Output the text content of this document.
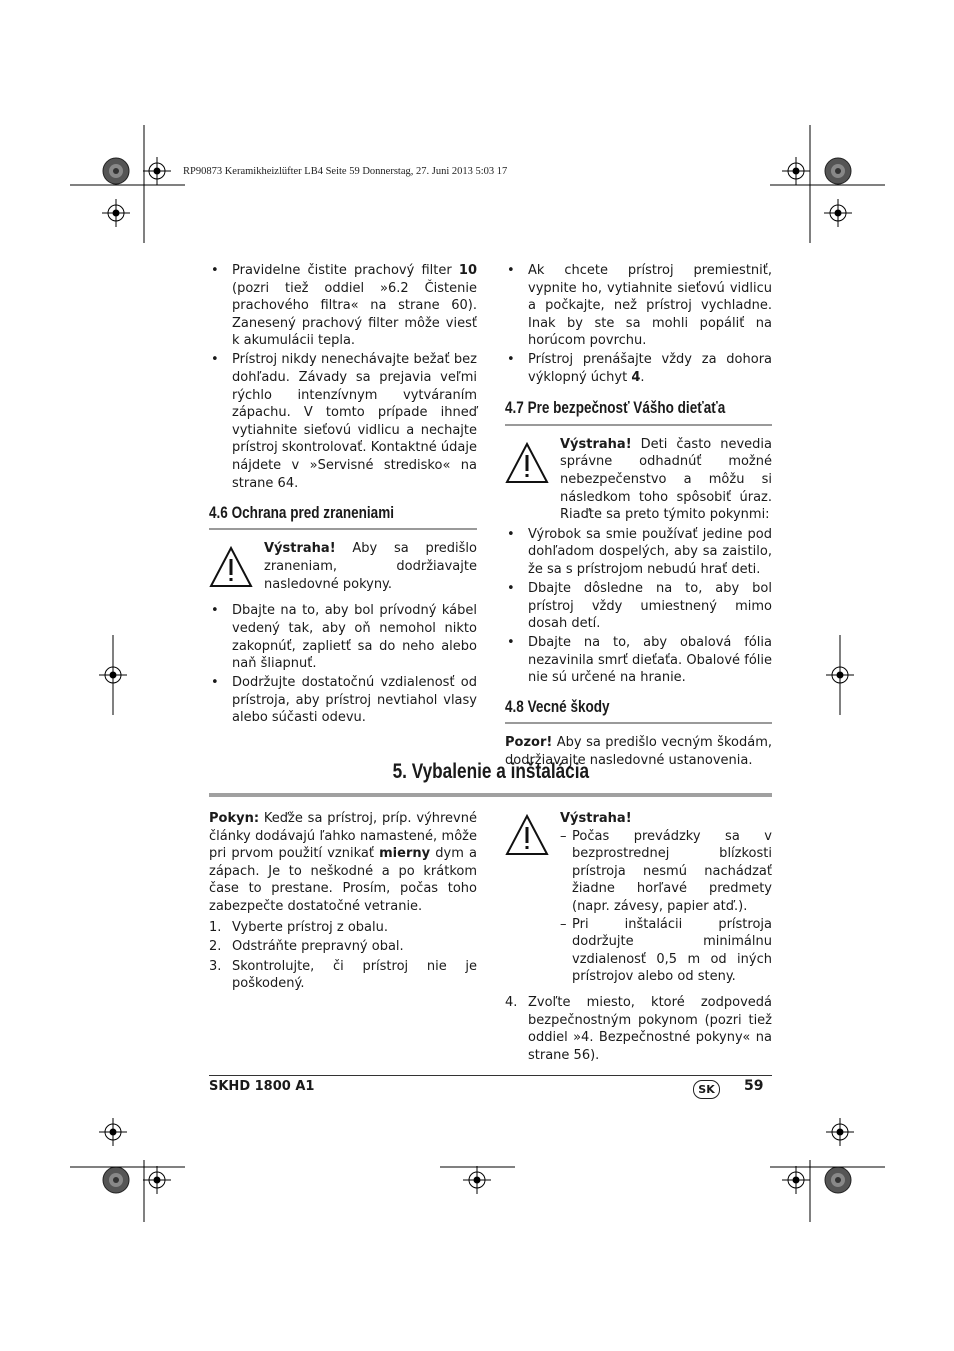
RP90873 Keramikheizlüfter LB4 Seite 59 Donnerstag, 27. Juni 2013 5:03 17
• Pravidelne čistite prachový filter 10 (pozri tiež oddiel »6.2 Čistenie prachového filtra« na strane 60). Zanesený prachový filter môže viesť k akumulácii tepla.
• Prístroj nikdy nenechávajte bežať bez dohľadu. Závady sa prejavia veľmi rýchlo intenzívnym vytváraním zápachu. V tomto prípade ihneď vytiahnite sieťovú vidlicu a nechajte prístroj skontrolovať. Kontaktné údaje nájdete v »Servisné stredisko« na strane 64.
4.6 Ochrana pred zraneniami
Výstraha! Aby sa predišlo zraneniam, dodržiavajte nasledovné pokyny.
• Dbajte na to, aby bol prívodný kábel vedený tak, aby oň nemohol nikto zakopnúť, zaplietť sa do neho alebo naň šliapnuť.
• Dodržujte dostatočnú vzdialenosť od prístroja, aby prístroj nevtiahol vlasy alebo súčasti odevu.
• Ak chcete prístroj premiestniť, vypnite ho, vytiahnite sieťovú vidlicu a počkajte, než prístroj vychladne. Inak by ste sa mohli popáliť na horúcom povrchu.
• Prístroj prenášajte vždy za dohora výklopný úchyt 4.
4.7 Pre bezpečnosť Vášho dieťaťa
Výstraha! Deti často nevedia správne odhadnúť možné nebezpečenstvo a môžu si následkom toho spôsobiť úraz. Riaďte sa preto týmito pokynmi:
• Výrobok sa smie používať jedine pod dohľadom dospelých, aby sa zaistilo, že sa s prístrojom nebudú hrať deti.
• Dbajte dôsledne na to, aby bol prístroj vždy umiestnený mimo dosah detí.
• Dbajte na to, aby obalová fólia nezavinila smrť dieťaťa. Obalové fólie nie sú určené na hranie.
4.8 Vecné škody

Pozor! Aby sa predišlo vecným škodám, dodržiavajte nasledovné ustanovenia.

5. Vybalenie a inštalácia

Pokyn: Keďže sa prístroj, príp. výhrevné články dodávajú ľahko namastené, môže pri prvom použití vznikať mierny dym a zápach. Je to neškodné a po krátkom čase to prestane. Prosím, počas toho zabezpečte dostatočné vetranie.

1. Vyberte prístroj z obalu.
2. Odstráňte prepravný obal.
3. Skontrolujte, či prístroj nie je poškodený.
Výstraha!
– Počas prevádzky sa v bezprostrednej blízkosti prístroja nesmú nachádzať žiadne horľavé predmety (napr. závesy, papier atď.).
– Pri inštalácii prístroja dodržujte minimálnu vzdialenosť 0,5 m od iných prístrojov alebo od steny.
4. Zvoľte miesto, ktoré zodpovedá bezpečnostným pokynom (pozri tiež oddiel »4. Bezpečnostné pokyny« na strane 56).
SKHD 1800 A1	SK	59
